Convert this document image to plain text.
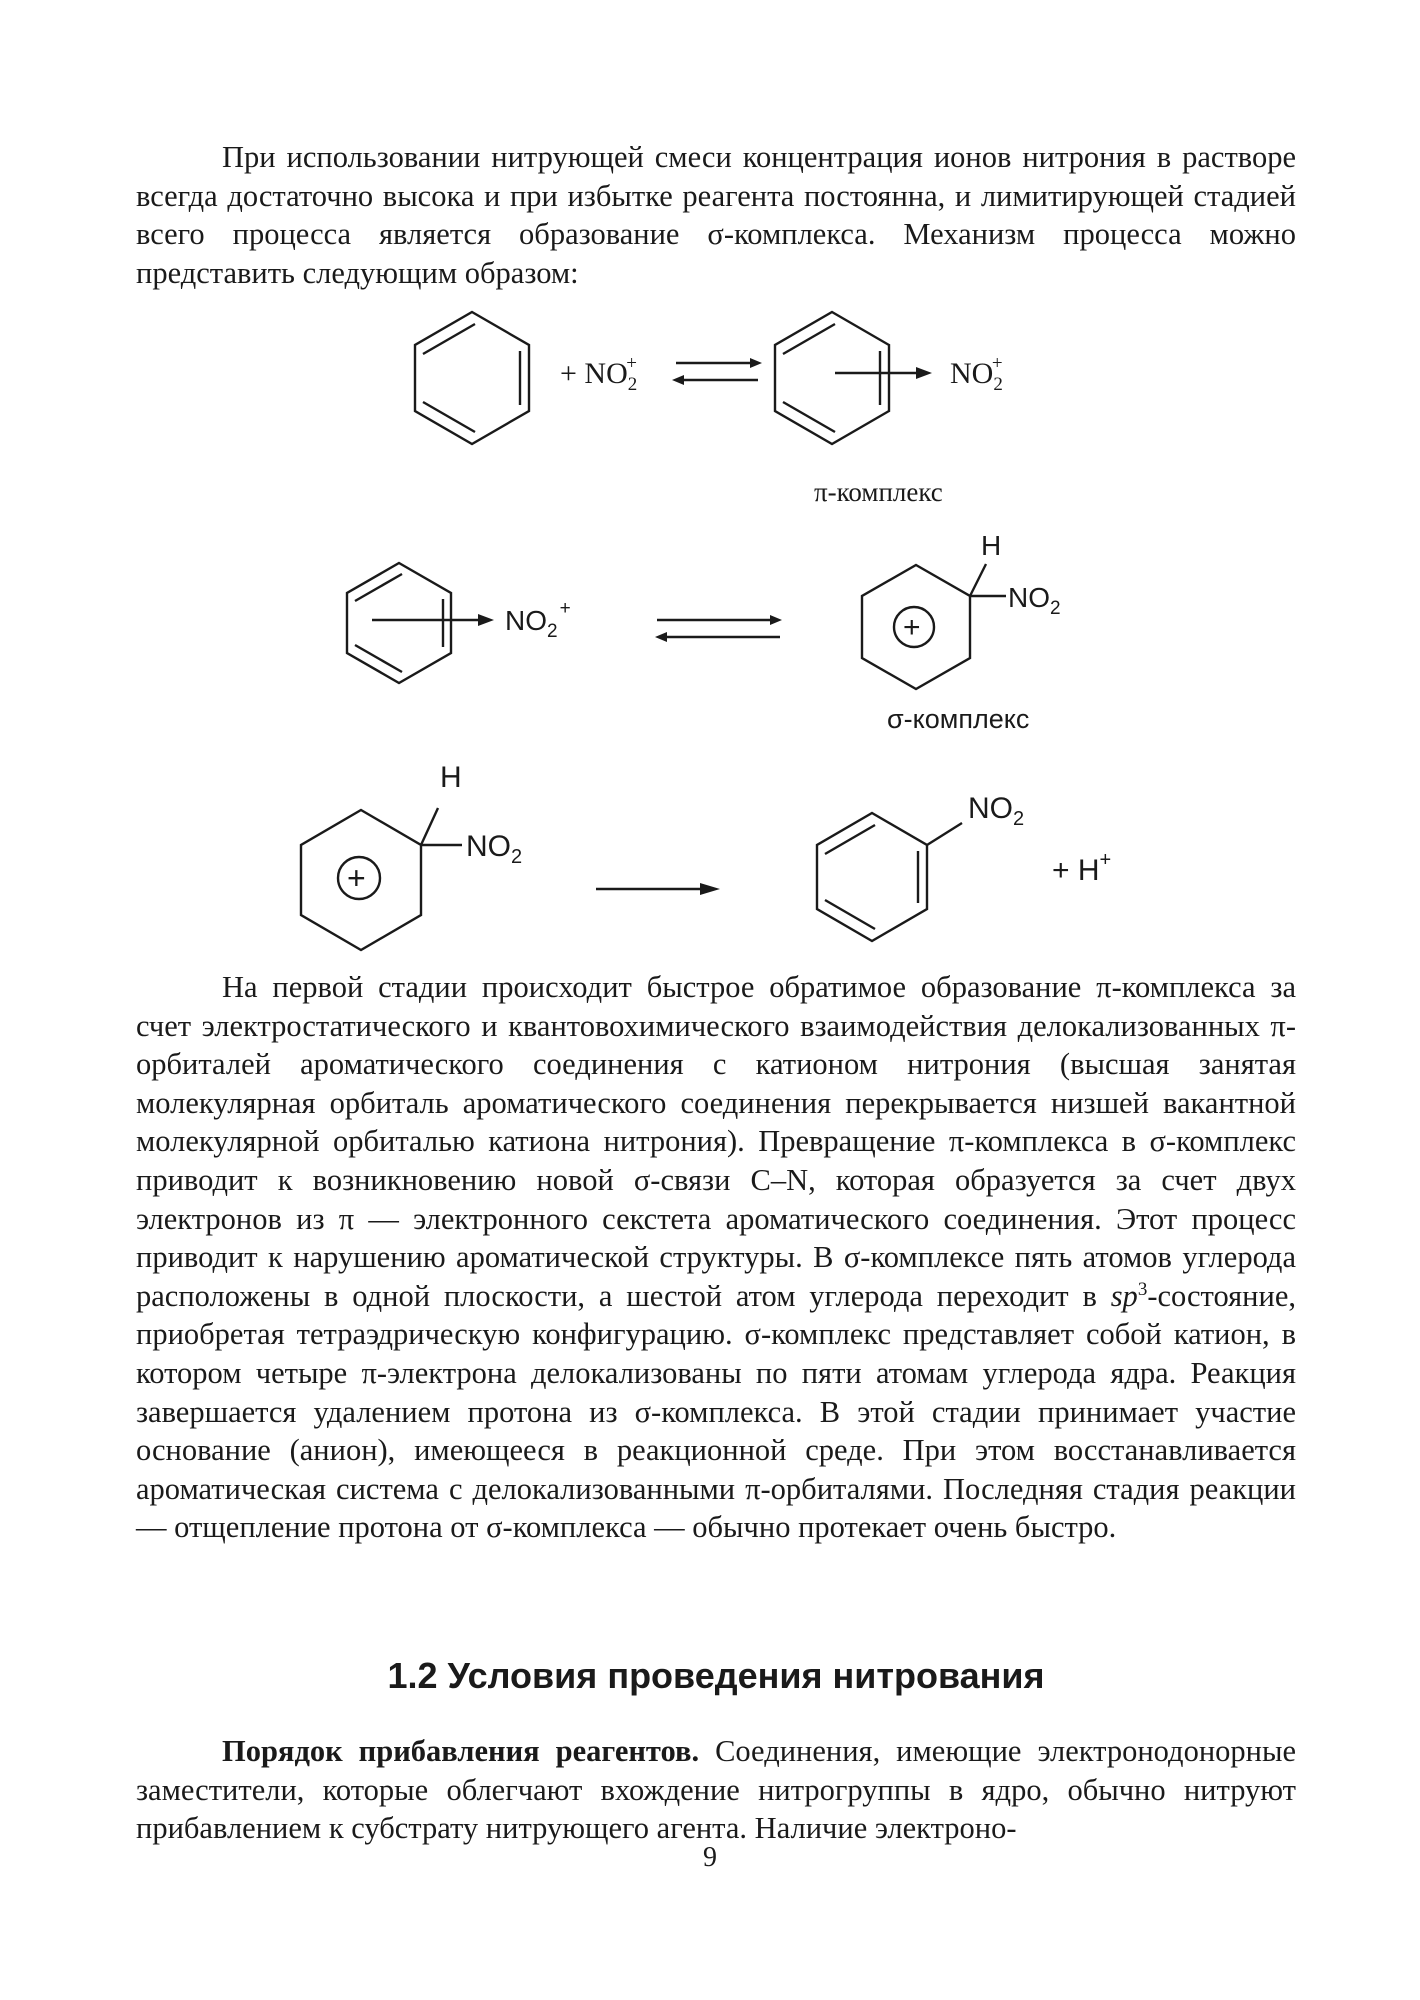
При использовании нитрующей смеси концентрация ионов нитрония в растворе всегда достаточно высока и при избытке реагента постоянна, и лимитирующей стадией всего процесса является образование σ-комплекса. Механизм процесса можно представить следующим образом:

+ $NO_2+$	$NO_2+$
π-комплекс
$NO_2^+$
H
$NO_2$
+
σ-комплекс
H
$NO_2$
+
$NO_2$
+ H+

На первой стадии происходит быстрое обратимое образование π-комплекса за счет электростатического и квантовохимического взаимодействия делокализованных π-орбиталей ароматического соединения с катионом нитрония (высшая занятая молекулярная орбиталь ароматического соединения перекрывается низшей вакантной молекулярной орбиталью катиона нитрония). Превращение π-комплекса в σ-комплекс приводит к возникновению новой σ-связи C–N, которая образуется за счет двух электронов из π — электронного секстета ароматического соединения. Этот процесс приводит к нарушению ароматической структуры. В σ-комплексе пять атомов углерода расположены в одной плоскости, а шестой атом углерода переходит в $sp^3$-состояние, приобретая тетраэдрическую конфигурацию. σ-комплекс представляет собой катион, в котором четыре π-электрона делокализованы по пяти атомам углерода ядра. Реакция завершается удалением протона из σ-комплекса. В этой стадии принимает участие основание (анион), имеющееся в реакционной среде. При этом восстанавливается ароматическая система с делокализованными π-орбиталями. Последняя стадия реакции — отщепление протона от σ-комплекса — обычно протекает очень быстро.

1.2 Условия проведения нитрования

Порядок прибавления реагентов. Соединения, имеющие электронодонорные заместители, которые облегчают вхождение нитрогруппы в ядро, обычно нитруют прибавлением к субстрату нитрующего агента. Наличие электроно-

9
